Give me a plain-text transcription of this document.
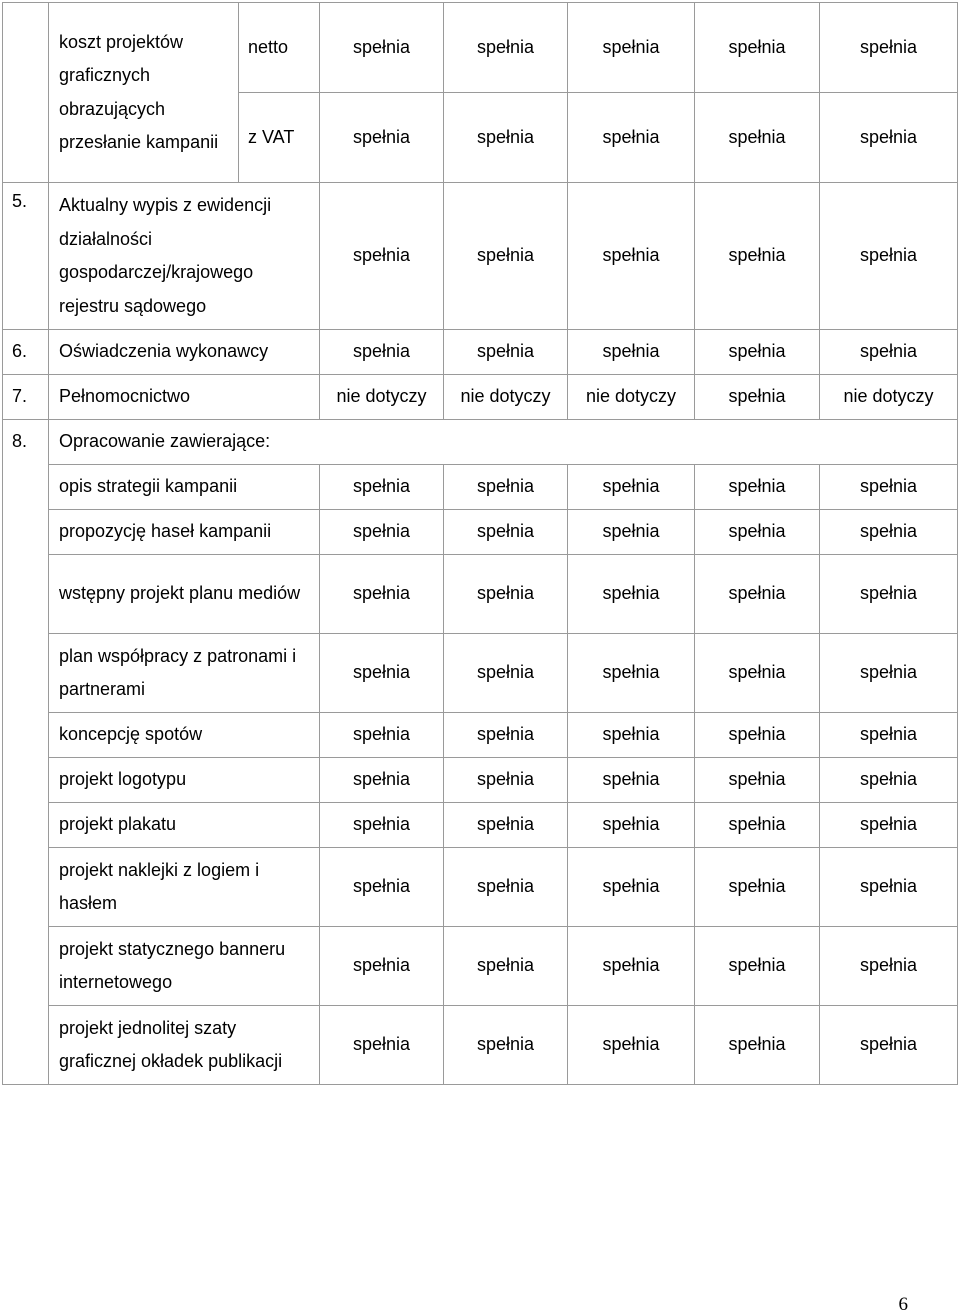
	koszt projektów graficznych obrazujących przesłanie kampanii	netto	spełnia	spełnia	spełnia	spełnia	spełnia
		z VAT	spełnia	spełnia	spełnia	spełnia	spełnia
5.	Aktualny wypis z ewidencji działalności gospodarczej/krajowego rejestru sądowego		spełnia	spełnia	spełnia	spełnia	spełnia
6.	Oświadczenia wykonawcy		spełnia	spełnia	spełnia	spełnia	spełnia
7.	Pełnomocnictwo		nie dotyczy	nie dotyczy	nie dotyczy	spełnia	nie dotyczy
8.	Opracowanie zawierające:						
	opis strategii kampanii		spełnia	spełnia	spełnia	spełnia	spełnia
	propozycję haseł kampanii		spełnia	spełnia	spełnia	spełnia	spełnia
	wstępny projekt planu mediów		spełnia	spełnia	spełnia	spełnia	spełnia
	plan współpracy z patronami i partnerami		spełnia	spełnia	spełnia	spełnia	spełnia
	koncepcję spotów		spełnia	spełnia	spełnia	spełnia	spełnia
	projekt logotypu		spełnia	spełnia	spełnia	spełnia	spełnia
	projekt plakatu		spełnia	spełnia	spełnia	spełnia	spełnia
	projekt naklejki z logiem i hasłem		spełnia	spełnia	spełnia	spełnia	spełnia
	projekt statycznego banneru internetowego		spełnia	spełnia	spełnia	spełnia	spełnia
	projekt jednolitej szaty graficznej okładek publikacji		spełnia	spełnia	spełnia	spełnia	spełnia
6
